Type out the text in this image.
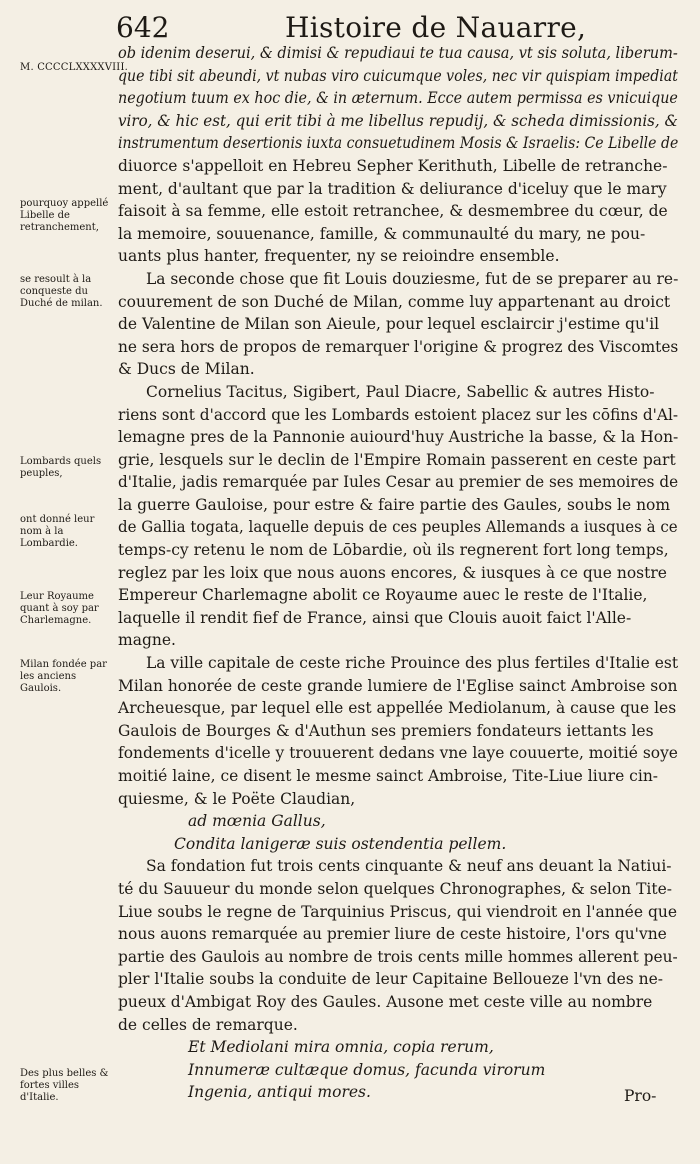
642	Histoire de Nauarre,
M. CCCCLXXXXVIII.
pourquoy appellé Libelle de retranchement,
se resoult à la conqueste du Duché de milan.
Lombards quels peuples,
ont donné leur nom à la Lombardie.
Leur Royaume quant à soy par Charlemagne.
Milan fondée par les anciens Gaulois.
Des plus belles & fortes villes d'Italie.
ob idenim deserui, & dimisi & repudiaui te tua causa, vt sis soluta, liberum-
que tibi sit abeundi, vt nubas viro cuicumque voles, nec vir quispiam impediat
negotium tuum ex hoc die, & in æternum. Ecce autem permissa es vnicuique
viro, & hic est, qui erit tibi à me libellus repudij, & scheda dimissionis, &
instrumentum desertionis iuxta consuetudinem Mosis & Israelis: Ce Libelle de
diuorce s'appelloit en Hebreu Sepher Kerithuth, Libelle de retranche-
ment, d'aultant que par la tradition & deliurance d'iceluy que le mary
faisoit à sa femme, elle estoit retranchee, & desmembree du cœur, de
la memoire, souuenance, famille, & communaulté du mary, ne pou-
uants plus hanter, frequenter, ny se reioindre ensemble.
La seconde chose que fit Louis douziesme, fut de se preparer au re-
couurement de son Duché de Milan, comme luy appartenant au droict
de Valentine de Milan son Aieule, pour lequel esclaircir j'estime qu'il
ne sera hors de propos de remarquer l'origine & progrez des Viscomtes
& Ducs de Milan.
Cornelius Tacitus, Sigibert, Paul Diacre, Sabellic & autres Histo-
riens sont d'accord que les Lombards estoient placez sur les cōfins d'Al-
lemagne pres de la Pannonie auiourd'huy Austriche la basse, & la Hon-
grie, lesquels sur le declin de l'Empire Romain passerent en ceste part
d'Italie, jadis remarquée par Iules Cesar au premier de ses memoires de
la guerre Gauloise, pour estre & faire partie des Gaules, soubs le nom
de Gallia togata, laquelle depuis de ces peuples Allemands a iusques à ce
temps-cy retenu le nom de Lōbardie, où ils regnerent fort long temps,
reglez par les loix que nous auons encores, & iusques à ce que nostre
Empereur Charlemagne abolit ce Royaume auec le reste de l'Italie,
laquelle il rendit fief de France, ainsi que Clouis auoit faict l'Alle-
magne.
La ville capitale de ceste riche Prouince des plus fertiles d'Italie est
Milan honorée de ceste grande lumiere de l'Eglise sainct Ambroise son
Archeuesque, par lequel elle est appellée Mediolanum, à cause que les
Gaulois de Bourges & d'Authun ses premiers fondateurs iettants les
fondements d'icelle y trouuerent dedans vne laye couuerte, moitié soye
moitié laine, ce disent le mesme sainct Ambroise, Tite-Liue liure cin-
quiesme, & le Poëte Claudian,
ad mœnia Gallus,
Condita lanigeræ suis ostendentia pellem.
Sa fondation fut trois cents cinquante & neuf ans deuant la Natiui-
té du Sauueur du monde selon quelques Chronographes, & selon Tite-
Liue soubs le regne de Tarquinius Priscus, qui viendroit en l'année que
nous auons remarquée au premier liure de ceste histoire, l'ors qu'vne
partie des Gaulois au nombre de trois cents mille hommes allerent peu-
pler l'Italie soubs la conduite de leur Capitaine Belloueze l'vn des ne-
pueux d'Ambigat Roy des Gaules. Ausone met ceste ville au nombre
de celles de remarque.
Et Mediolani mira omnia, copia rerum,
Innumeræ cultæque domus, facunda virorum
Ingenia, antiqui mores.	Pro-
